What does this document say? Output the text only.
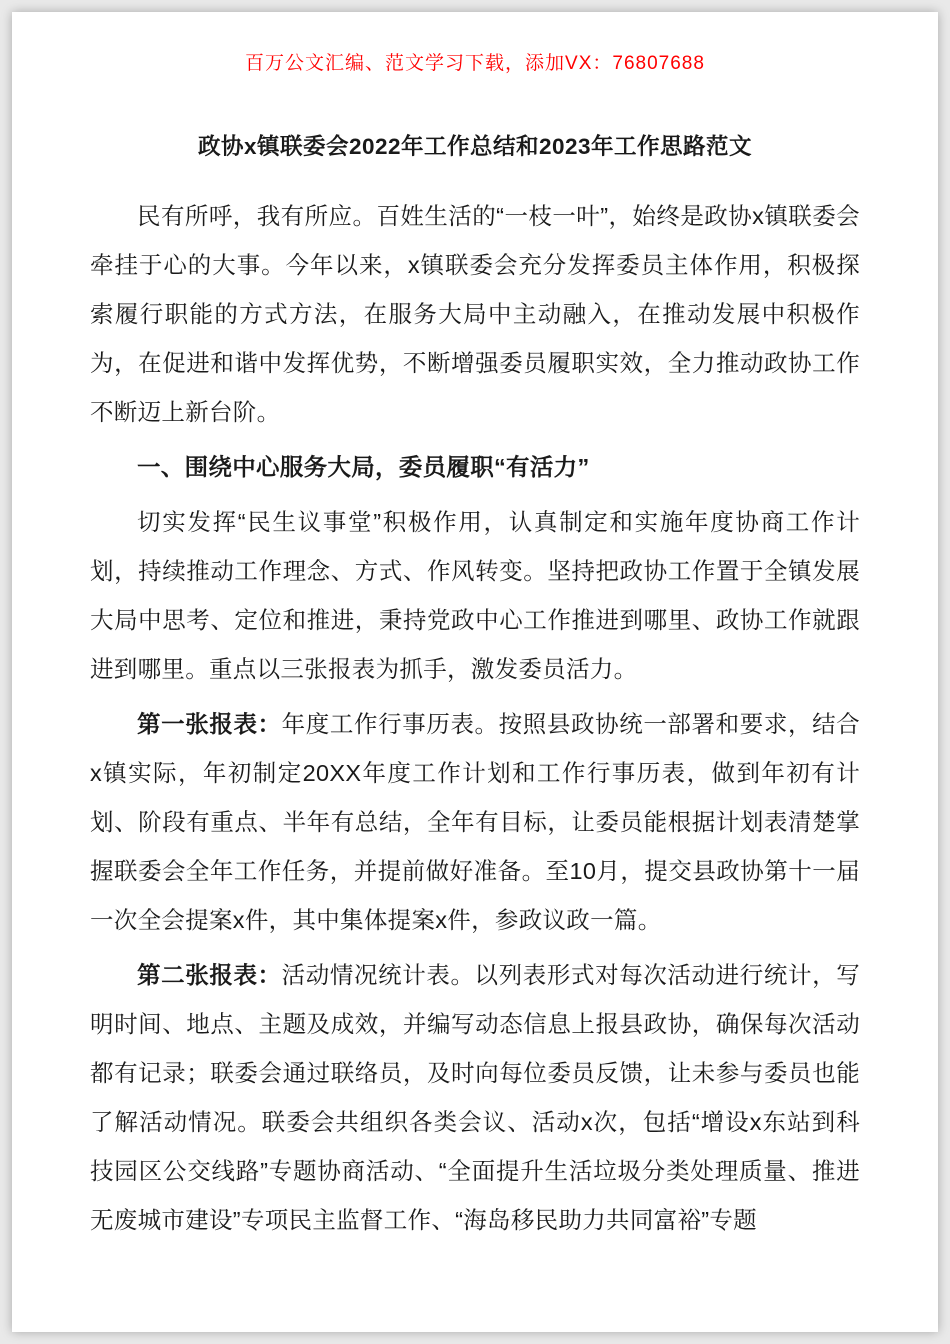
百万公文汇编、范文学习下载，添加VX：76807688

政协x镇联委会2022年工作总结和2023年工作思路范文

民有所呼，我有所应。百姓生活的“一枝一叶”，始终是政协x镇联委会牵挂于心的大事。今年以来，x镇联委会充分发挥委员主体作用，积极探索履行职能的方式方法，在服务大局中主动融入，在推动发展中积极作为，在促进和谐中发挥优势，不断增强委员履职实效，全力推动政协工作不断迈上新台阶。

一、围绕中心服务大局，委员履职“有活力”

切实发挥“民生议事堂”积极作用，认真制定和实施年度协商工作计划，持续推动工作理念、方式、作风转变。坚持把政协工作置于全镇发展大局中思考、定位和推进，秉持党政中心工作推进到哪里、政协工作就跟进到哪里。重点以三张报表为抓手，激发委员活力。

第一张报表：年度工作行事历表。按照县政协统一部署和要求，结合x镇实际，年初制定20XX年度工作计划和工作行事历表，做到年初有计划、阶段有重点、半年有总结，全年有目标，让委员能根据计划表清楚掌握联委会全年工作任务，并提前做好准备。至10月，提交县政协第十一届一次全会提案x件，其中集体提案x件，参政议政一篇。

第二张报表：活动情况统计表。以列表形式对每次活动进行统计，写明时间、地点、主题及成效，并编写动态信息上报县政协，确保每次活动都有记录；联委会通过联络员，及时向每位委员反馈，让未参与委员也能了解活动情况。联委会共组织各类会议、活动x次，包括“增设x东站到科技园区公交线路”专题协商活动、“全面提升生活垃圾分类处理质量、推进无废城市建设”专项民主监督工作、“海岛移民助力共同富裕”专题
